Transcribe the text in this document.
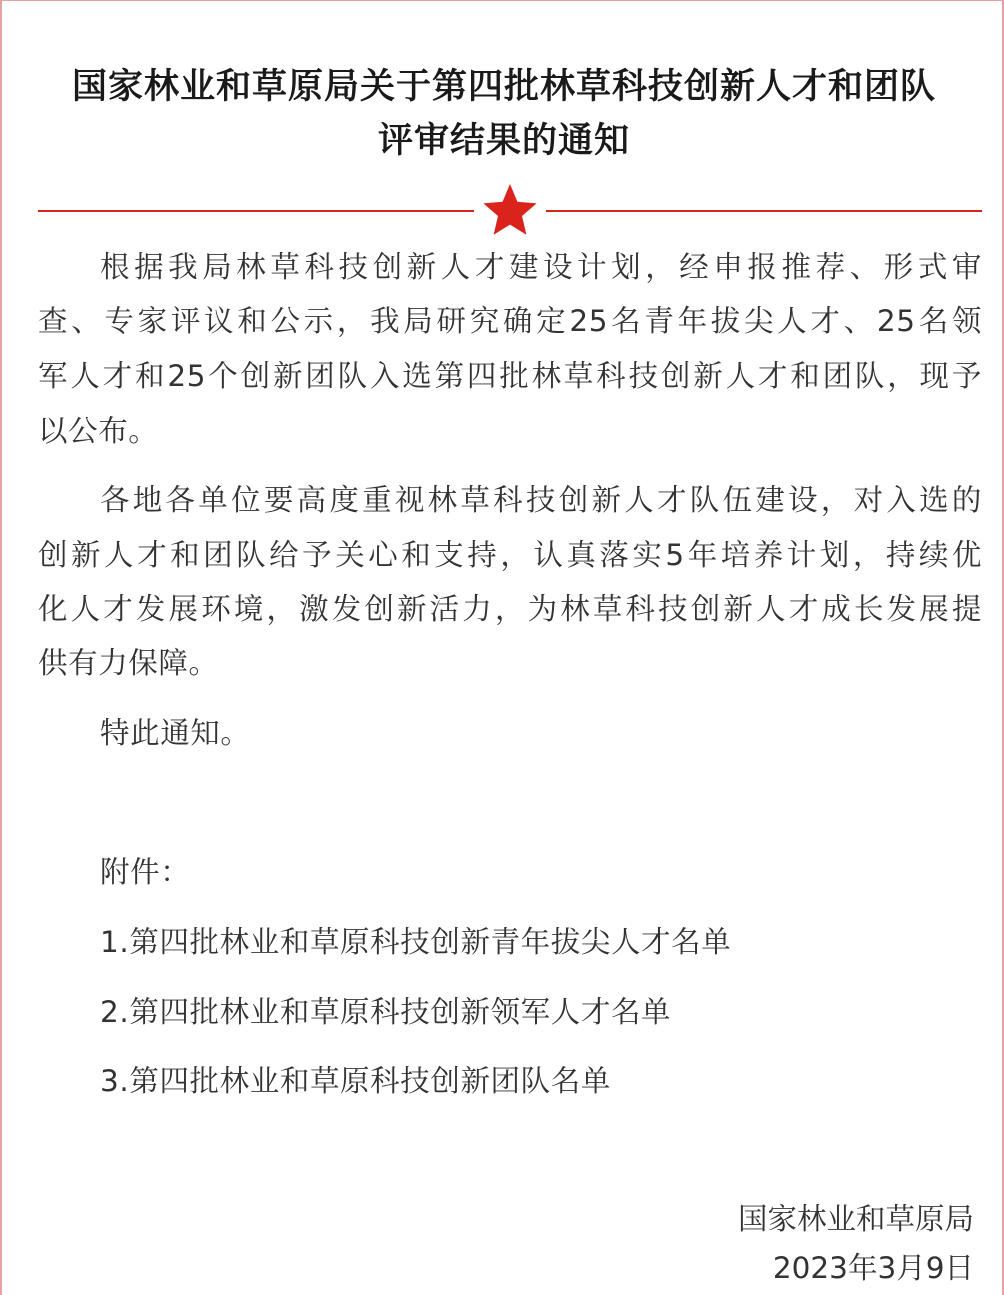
国家林业和草原局关于第四批林草科技创新人才和团队
评审结果的通知
根据我局林草科技创新人才建设计划，经申报推荐、形式审
查、专家评议和公示，我局研究确定25名青年拔尖人才、25名领
军人才和25个创新团队入选第四批林草科技创新人才和团队，现予
以公布。
各地各单位要高度重视林草科技创新人才队伍建设，对入选的
创新人才和团队给予关心和支持，认真落实5年培养计划，持续优
化人才发展环境，激发创新活力，为林草科技创新人才成长发展提
供有力保障。
特此通知。
附件：
1.第四批林业和草原科技创新青年拔尖人才名单
2.第四批林业和草原科技创新领军人才名单
3.第四批林业和草原科技创新团队名单
国家林业和草原局
2023年3月9日
